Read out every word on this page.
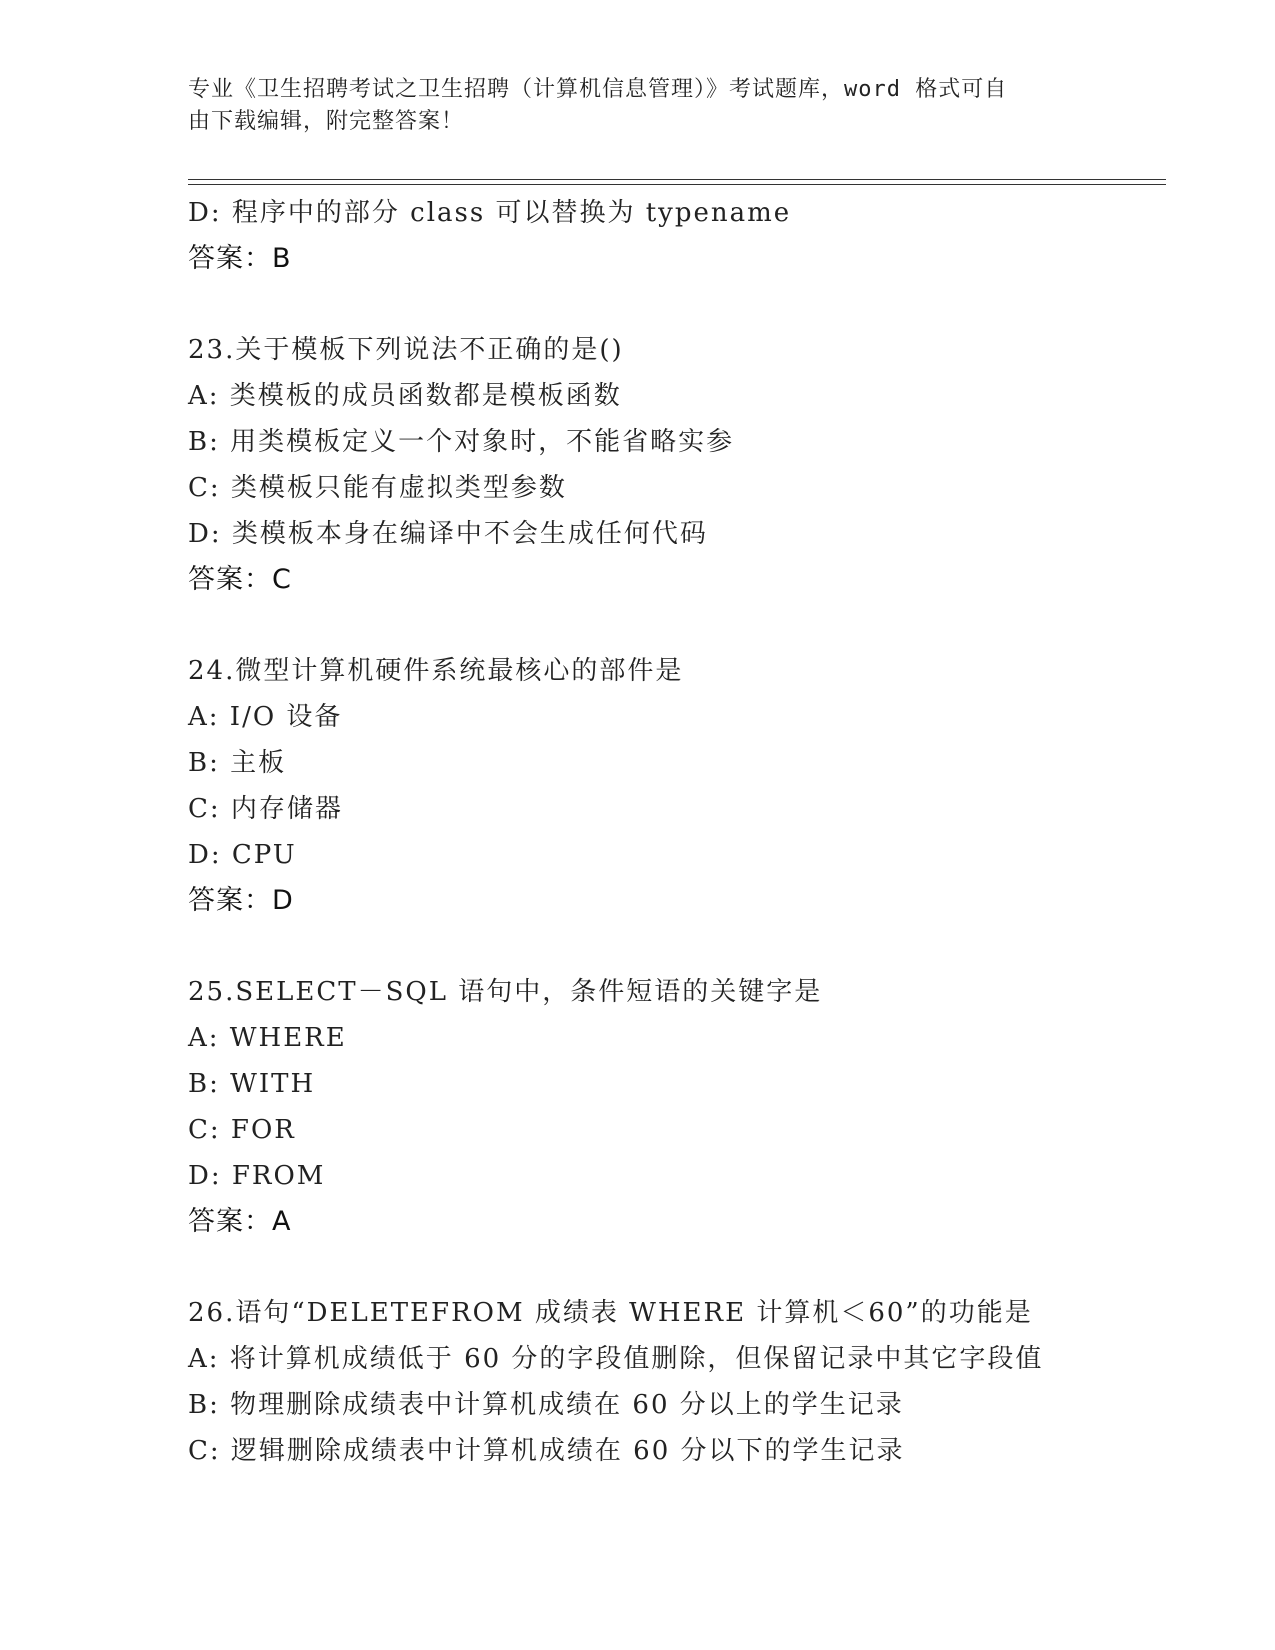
专业《卫生招聘考试之卫生招聘（计算机信息管理）》考试题库，word 格式可自
由下载编辑，附完整答案！
D: 程序中的部分 class 可以替换为 typename
答案：B
23.关于模板下列说法不正确的是()
A: 类模板的成员函数都是模板函数
B: 用类模板定义一个对象时，不能省略实参
C: 类模板只能有虚拟类型参数
D: 类模板本身在编译中不会生成任何代码
答案：C
24.微型计算机硬件系统最核心的部件是
A: I/O 设备
B: 主板
C: 内存储器
D: CPU
答案：D
25.SELECT－SQL 语句中，条件短语的关键字是
A: WHERE
B: WITH
C: FOR
D: FROM
答案：A
26.语句“DELETEFROM 成绩表 WHERE 计算机＜60”的功能是
A: 将计算机成绩低于 60 分的字段值删除，但保留记录中其它字段值
B: 物理删除成绩表中计算机成绩在 60 分以上的学生记录
C: 逻辑删除成绩表中计算机成绩在 60 分以下的学生记录
